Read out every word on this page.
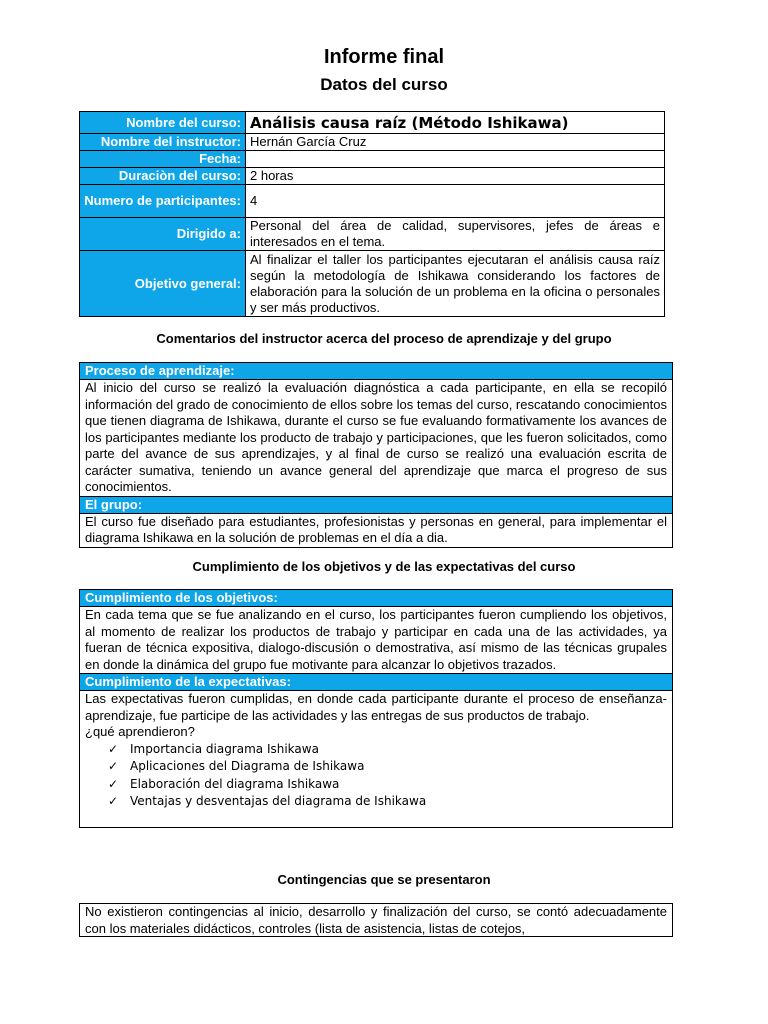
Informe final
Datos del curso
Nombre del curso:	Análisis causa raíz (Método Ishikawa)
Nombre del instructor:	Hernán García Cruz
Fecha:	
Duraciòn del curso:	2 horas
Numero de participantes:	4
Dirigido a:	Personal del área de calidad, supervisores, jefes de áreas e interesados en el tema.
Objetivo general:	Al finalizar el taller los participantes ejecutaran el análisis causa raíz según la metodología de Ishikawa considerando los factores de elaboración para la solución de un problema en la oficina o personales y ser más productivos.
Comentarios del instructor acerca del proceso de aprendizaje y del grupo
Proceso de aprendizaje:
Al inicio del curso se realizó la evaluación diagnóstica a cada participante, en ella se recopiló información del grado de conocimiento de ellos sobre los temas del curso, rescatando conocimientos que tienen diagrama de Ishikawa, durante el curso se fue evaluando formativamente los avances de los participantes mediante los producto de trabajo y participaciones, que les fueron solicitados, como parte del avance de sus aprendizajes, y al final de curso se realizó una evaluación escrita de carácter sumativa, teniendo un avance general del aprendizaje que marca el progreso de sus conocimientos.
El grupo:
El curso fue diseñado para estudiantes, profesionistas y personas en general, para implementar el diagrama Ishikawa en la solución de problemas en el día a dia.
Cumplimiento de los objetivos y de las expectativas del curso
Cumplimiento de los objetivos:
En cada tema que se fue analizando en el curso, los participantes fueron cumpliendo los objetivos, al momento de realizar los productos de trabajo y participar en cada una de las actividades, ya fueran de técnica expositiva, dialogo-discusión o demostrativa, así mismo de las técnicas grupales en donde la dinámica del grupo fue motivante para alcanzar lo objetivos trazados.
Cumplimiento de la expectativas:
Las expectativas fueron cumplidas, en donde cada participante durante el proceso de enseñanza-aprendizaje, fue participe de las actividades y las entregas de sus productos de trabajo.
¿qué aprendieron?
✓ Importancia diagrama Ishikawa
✓ Aplicaciones del Diagrama de Ishikawa
✓ Elaboración del diagrama Ishikawa
✓ Ventajas y desventajas del diagrama de Ishikawa
Contingencias que se presentaron
No existieron contingencias al inicio, desarrollo y finalización del curso, se contó adecuadamente con los materiales didácticos, controles (lista de asistencia, listas de cotejos,
